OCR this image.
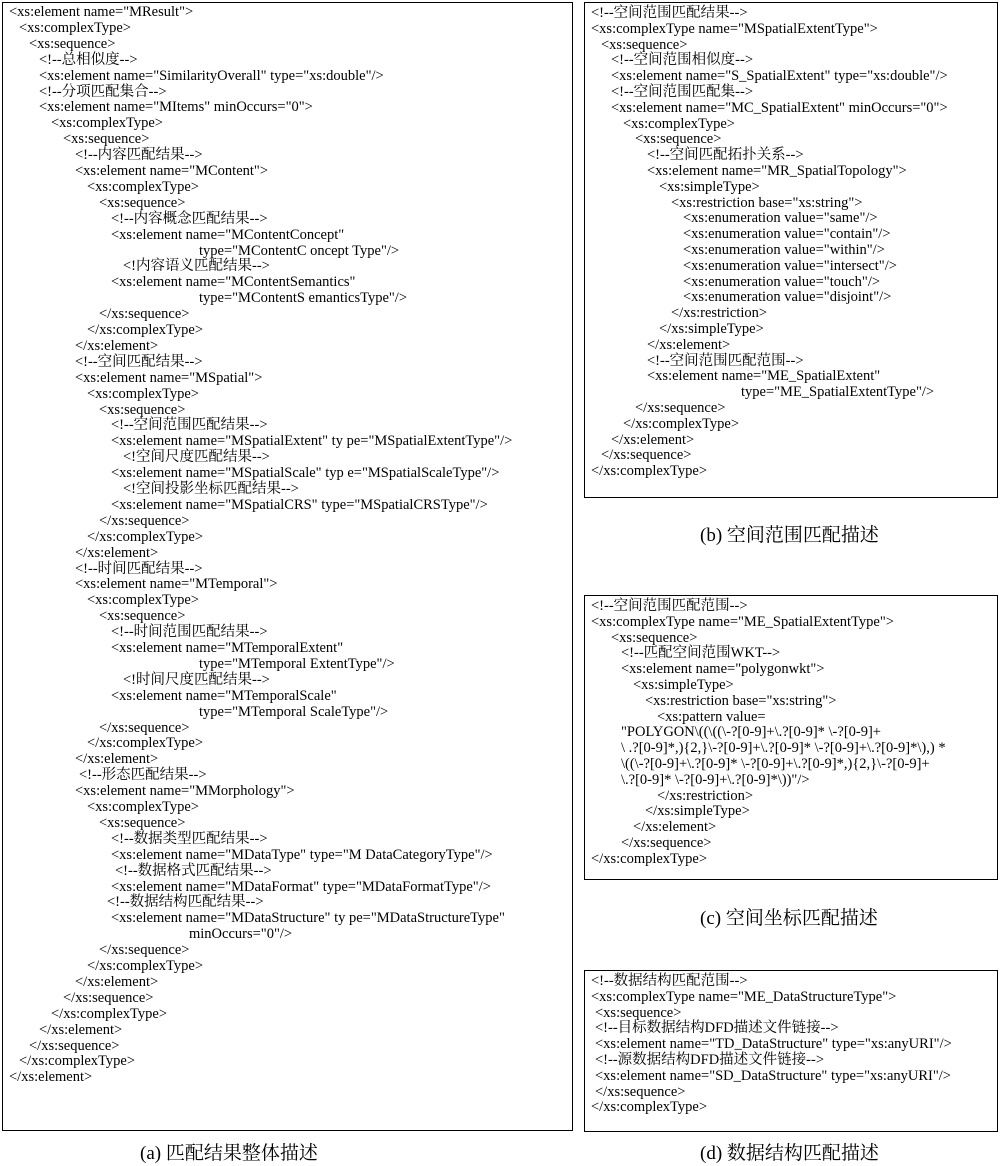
<xs:element name="MResult">
<xs:complexType>
<xs:sequence>
<!--总相似度-->
<xs:element name="SimilarityOverall" type="xs:double"/>
<!--分项匹配集合-->
<xs:element name="MItems" minOccurs="0">
<xs:complexType>
<xs:sequence>
<!--内容匹配结果-->
<xs:element name="MContent">
<xs:complexType>
<xs:sequence>
<!--内容概念匹配结果-->
<xs:element name="MContentConcept"
type="MContentC oncept Type"/>
<!内容语义匹配结果-->
<xs:element name="MContentSemantics"
type="MContentS emanticsType"/>
</xs:sequence>
</xs:complexType>
</xs:element>
<!--空间匹配结果-->
<xs:element name="MSpatial">
<xs:complexType>
<xs:sequence>
<!--空间范围匹配结果-->
<xs:element name="MSpatialExtent" ty pe="MSpatialExtentType"/>
<!空间尺度匹配结果-->
<xs:element name="MSpatialScale" typ e="MSpatialScaleType"/>
<!空间投影坐标匹配结果-->
<xs:element name="MSpatialCRS" type="MSpatialCRSType"/>
</xs:sequence>
</xs:complexType>
</xs:element>
<!--时间匹配结果-->
<xs:element name="MTemporal">
<xs:complexType>
<xs:sequence>
<!--时间范围匹配结果-->
<xs:element name="MTemporalExtent"
type="MTemporal ExtentType"/>
<!时间尺度匹配结果-->
<xs:element name="MTemporalScale"
type="MTemporal ScaleType"/>
</xs:sequence>
</xs:complexType>
</xs:element>
<!--形态匹配结果-->
<xs:element name="MMorphology">
<xs:complexType>
<xs:sequence>
<!--数据类型匹配结果-->
<xs:element name="MDataType" type="M DataCategoryType"/>
<!--数据格式匹配结果-->
<xs:element name="MDataFormat" type="MDataFormatType"/>
<!--数据结构匹配结果-->
<xs:element name="MDataStructure" ty pe="MDataStructureType"
minOccurs="0"/>
</xs:sequence>
</xs:complexType>
</xs:element>
</xs:sequence>
</xs:complexType>
</xs:element>
</xs:sequence>
</xs:complexType>
</xs:element>
<!--空间范围匹配结果-->
<xs:complexType name="MSpatialExtentType">
<xs:sequence>
<!--空间范围相似度-->
<xs:element name="S_SpatialExtent" type="xs:double"/>
<!--空间范围匹配集-->
<xs:element name="MC_SpatialExtent" minOccurs="0">
<xs:complexType>
<xs:sequence>
<!--空间匹配拓扑关系-->
<xs:element name="MR_SpatialTopology">
<xs:simpleType>
<xs:restriction base="xs:string">
<xs:enumeration value="same"/>
<xs:enumeration value="contain"/>
<xs:enumeration value="within"/>
<xs:enumeration value="intersect"/>
<xs:enumeration value="touch"/>
<xs:enumeration value="disjoint"/>
</xs:restriction>
</xs:simpleType>
</xs:element>
<!--空间范围匹配范围-->
<xs:element name="ME_SpatialExtent"
type="ME_SpatialExtentType"/>
</xs:sequence>
</xs:complexType>
</xs:element>
</xs:sequence>
</xs:complexType>
<!--空间范围匹配范围-->
<xs:complexType name="ME_SpatialExtentType">
<xs:sequence>
<!--匹配空间范围WKT-->
<xs:element name="polygonwkt">
<xs:simpleType>
<xs:restriction base="xs:string">
<xs:pattern value=
"POLYGON\((\((\-?[0-9]+\.?[0-9]* \-?[0-9]+
\ .?[0-9]*,){2,}\-?[0-9]+\.?[0-9]* \-?[0-9]+\.?[0-9]*\),) *
\((\-?[0-9]+\.?[0-9]* \-?[0-9]+\.?[0-9]*,){2,}\-?[0-9]+
\.?[0-9]* \-?[0-9]+\.?[0-9]*\))"/>
</xs:restriction>
</xs:simpleType>
</xs:element>
</xs:sequence>
</xs:complexType>
<!--数据结构匹配范围-->
<xs:complexType name="ME_DataStructureType">
<xs:sequence>
<!--目标数据结构DFD描述文件链接-->
<xs:element name="TD_DataStructure" type="xs:anyURI"/>
<!--源数据结构DFD描述文件链接-->
<xs:element name="SD_DataStructure" type="xs:anyURI"/>
</xs:sequence>
</xs:complexType>
(a) 匹配结果整体描述
(b) 空间范围匹配描述
(c) 空间坐标匹配描述
(d) 数据结构匹配描述
